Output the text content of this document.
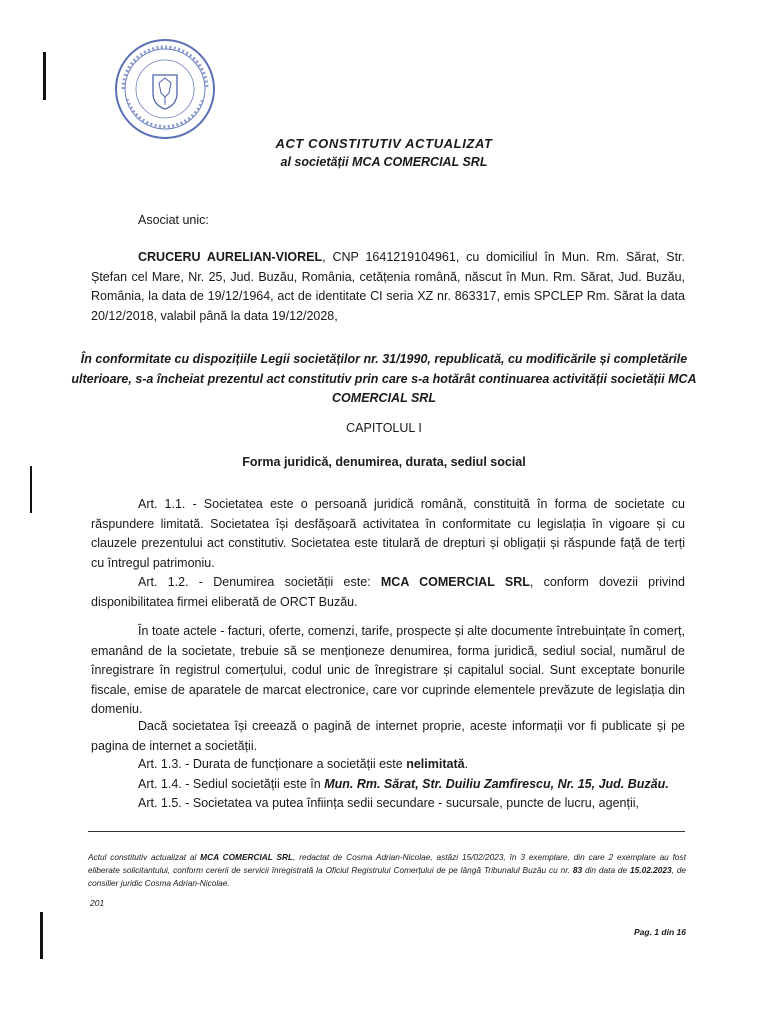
ACT CONSTITUTIV ACTUALIZAT
al societății MCA COMERCIAL SRL
Asociat unic:

CRUCERU AURELIAN-VIOREL, CNP 1641219104961, cu domiciliul în Mun. Rm. Sărat, Str. Ștefan cel Mare, Nr. 25, Jud. Buzău, România, cetățenia română, născut în Mun. Rm. Sărat, Jud. Buzău, România, la data de 19/12/1964, act de identitate CI seria XZ nr. 863317, emis SPCLEP Rm. Sărat la data 20/12/2018, valabil până la data 19/12/2028,

În conformitate cu dispozițiile Legii societăților nr. 31/1990, republicată, cu modificările și completările ulterioare, s-a încheiat prezentul act constitutiv prin care s-a hotărât continuarea activității societății MCA COMERCIAL SRL

CAPITOLUL I
Forma juridică, denumirea, durata, sediul social

Art. 1.1. - Societatea este o persoană juridică română, constituită în forma de societate cu răspundere limitată. Societatea își desfășoară activitatea în conformitate cu legislația în vigoare și cu clauzele prezentului act constitutiv. Societatea este titulară de drepturi și obligații și răspunde față de terți cu întregul patrimoniu.

Art. 1.2. - Denumirea societății este: MCA COMERCIAL SRL, conform dovezii privind disponibilitatea firmei eliberată de ORCT Buzău.

În toate actele - facturi, oferte, comenzi, tarife, prospecte și alte documente întrebuințate în comerț, emanând de la societate, trebuie să se menționeze denumirea, forma juridică, sediul social, numărul de înregistrare în registrul comerțului, codul unic de înregistrare și capitalul social. Sunt exceptate bonurile fiscale, emise de aparatele de marcat electronice, care vor cuprinde elementele prevăzute de legislația din domeniu.

Dacă societatea își creează o pagină de internet proprie, aceste informații vor fi publicate și pe pagina de internet a societății.

Art. 1.3. - Durata de funcționare a societății este nelimitată.

Art. 1.4. - Sediul societății este în Mun. Rm. Sărat, Str. Duiliu Zamfirescu, Nr. 15, Jud. Buzău.

Art. 1.5. - Societatea va putea înființa sedii secundare - sucursale, puncte de lucru, agenții,

Actul constitutiv actualizat al MCA COMERCIAL SRL, redactat de Cosma Adrian-Nicolae, astăzi 15/02/2023, în 3 exemplare, din care 2 exemplare au fost eliberate solicitantului, conform cererii de servicii înregistrată la Oficiul Registrului Comerțului de pe lângă Tribunalul Buzău cu nr. 83 din data de 15.02.2023, de consilier juridic Cosma Adrian-Nicolae.

201
Pag. 1 din 16
